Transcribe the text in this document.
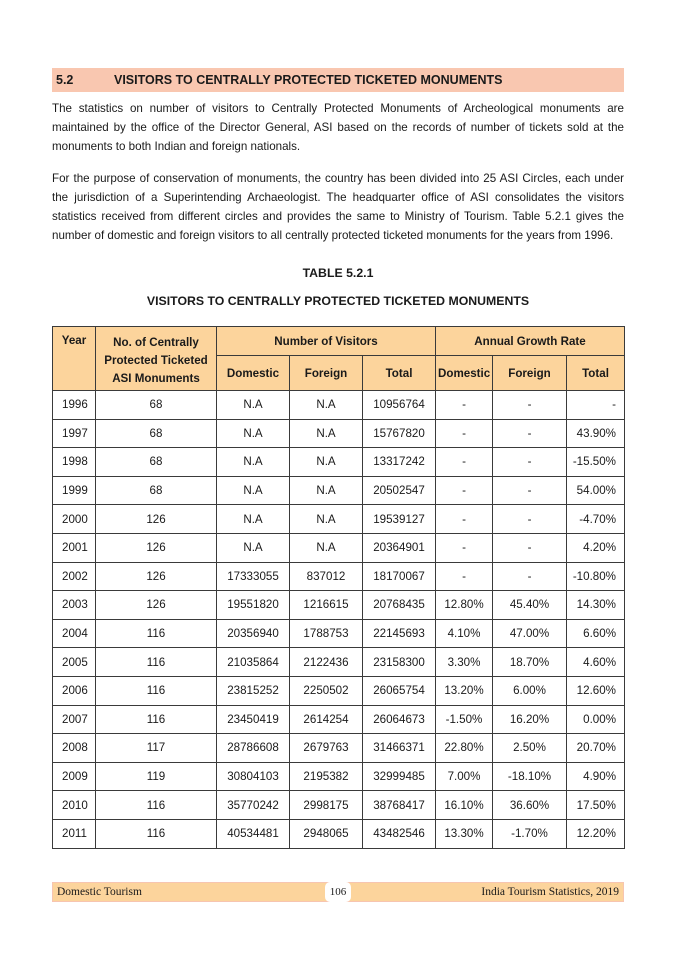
5.2	VISITORS TO CENTRALLY PROTECTED TICKETED MONUMENTS

The statistics on number of visitors to Centrally Protected Monuments of Archeological monuments are maintained by the office of the Director General, ASI based on the records of number of tickets sold at the monuments to both Indian and foreign nationals.

For the purpose of conservation of monuments, the country has been divided into 25 ASI Circles, each under the jurisdiction of a Superintending Archaeologist. The headquarter office of ASI consolidates the visitors statistics received from different circles and provides the same to Ministry of Tourism. Table 5.2.1 gives the number of domestic and foreign visitors to all centrally protected ticketed monuments for the years from 1996.

TABLE 5.2.1
VISITORS TO CENTRALLY PROTECTED TICKETED MONUMENTS
Year	No. of Centrally Protected Ticketed ASI Monuments	Number of Visitors			Annual Growth Rate		
		Domestic	Foreign	Total	Domestic	Foreign	Total
1996	68	N.A	N.A	10956764	-	-	-
1997	68	N.A	N.A	15767820	-	-	43.90%
1998	68	N.A	N.A	13317242	-	-	-15.50%
1999	68	N.A	N.A	20502547	-	-	54.00%
2000	126	N.A	N.A	19539127	-	-	-4.70%
2001	126	N.A	N.A	20364901	-	-	4.20%
2002	126	17333055	837012	18170067	-	-	-10.80%
2003	126	19551820	1216615	20768435	12.80%	45.40%	14.30%
2004	116	20356940	1788753	22145693	4.10%	47.00%	6.60%
2005	116	21035864	2122436	23158300	3.30%	18.70%	4.60%
2006	116	23815252	2250502	26065754	13.20%	6.00%	12.60%
2007	116	23450419	2614254	26064673	-1.50%	16.20%	0.00%
2008	117	28786608	2679763	31466371	22.80%	2.50%	20.70%
2009	119	30804103	2195382	32999485	7.00%	-18.10%	4.90%
2010	116	35770242	2998175	38768417	16.10%	36.60%	17.50%
2011	116	40534481	2948065	43482546	13.30%	-1.70%	12.20%
Domestic Tourism	106	India Tourism Statistics, 2019
